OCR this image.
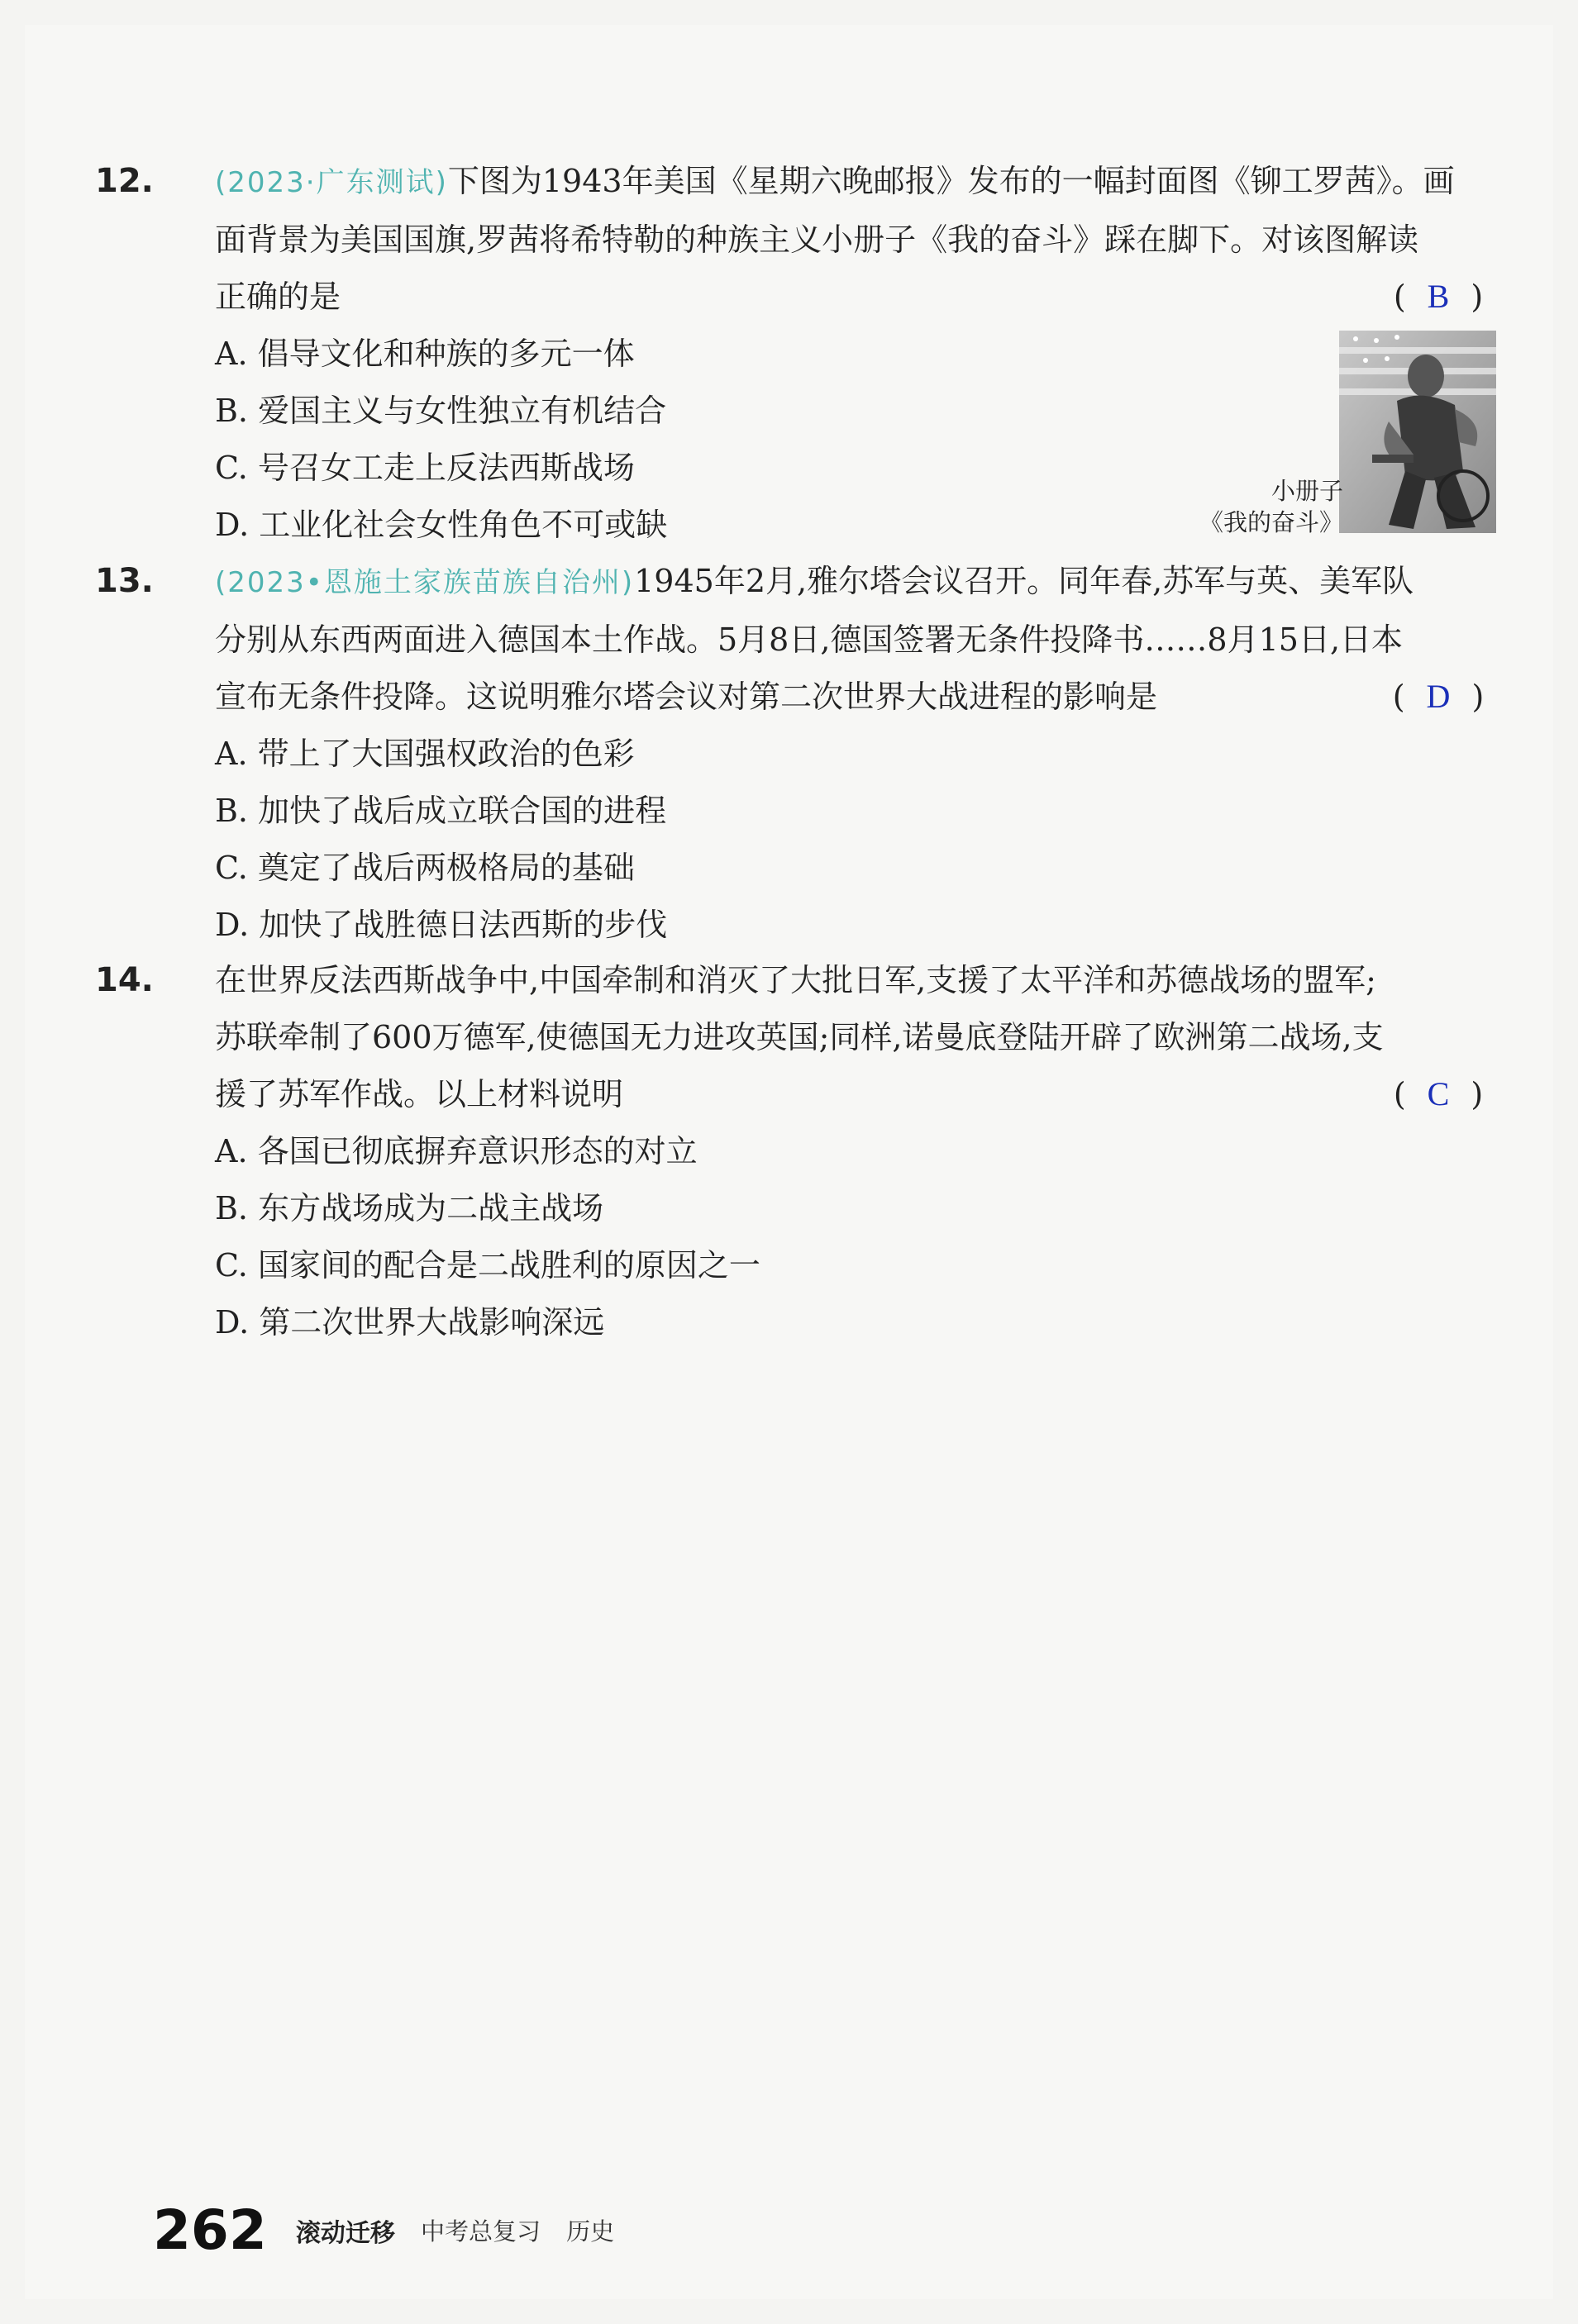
12. (2023·广东测试)下图为1943年美国《星期六晚邮报》发布的一幅封面图《铆工罗茜》。画
面背景为美国国旗,罗茜将希特勒的种族主义小册子《我的奋斗》踩在脚下。对该图解读
正确的是	( B )
A. 倡导文化和种族的多元一体
B. 爱国主义与女性独立有机结合
C. 号召女工走上反法西斯战场
D. 工业化社会女性角色不可或缺
小册子
《我的奋斗》
13. (2023•恩施土家族苗族自治州)1945年2月,雅尔塔会议召开。同年春,苏军与英、美军队
分别从东西两面进入德国本土作战。5月8日,德国签署无条件投降书……8月15日,日本
宣布无条件投降。这说明雅尔塔会议对第二次世界大战进程的影响是	( D )
A. 带上了大国强权政治的色彩
B. 加快了战后成立联合国的进程
C. 奠定了战后两极格局的基础
D. 加快了战胜德日法西斯的步伐
14. 在世界反法西斯战争中,中国牵制和消灭了大批日军,支援了太平洋和苏德战场的盟军;
苏联牵制了600万德军,使德国无力进攻英国;同样,诺曼底登陆开辟了欧洲第二战场,支
援了苏军作战。以上材料说明	( C )
A. 各国已彻底摒弃意识形态的对立
B. 东方战场成为二战主战场
C. 国家间的配合是二战胜利的原因之一
D. 第二次世界大战影响深远
262 滚动迁移 中考总复习 历史
